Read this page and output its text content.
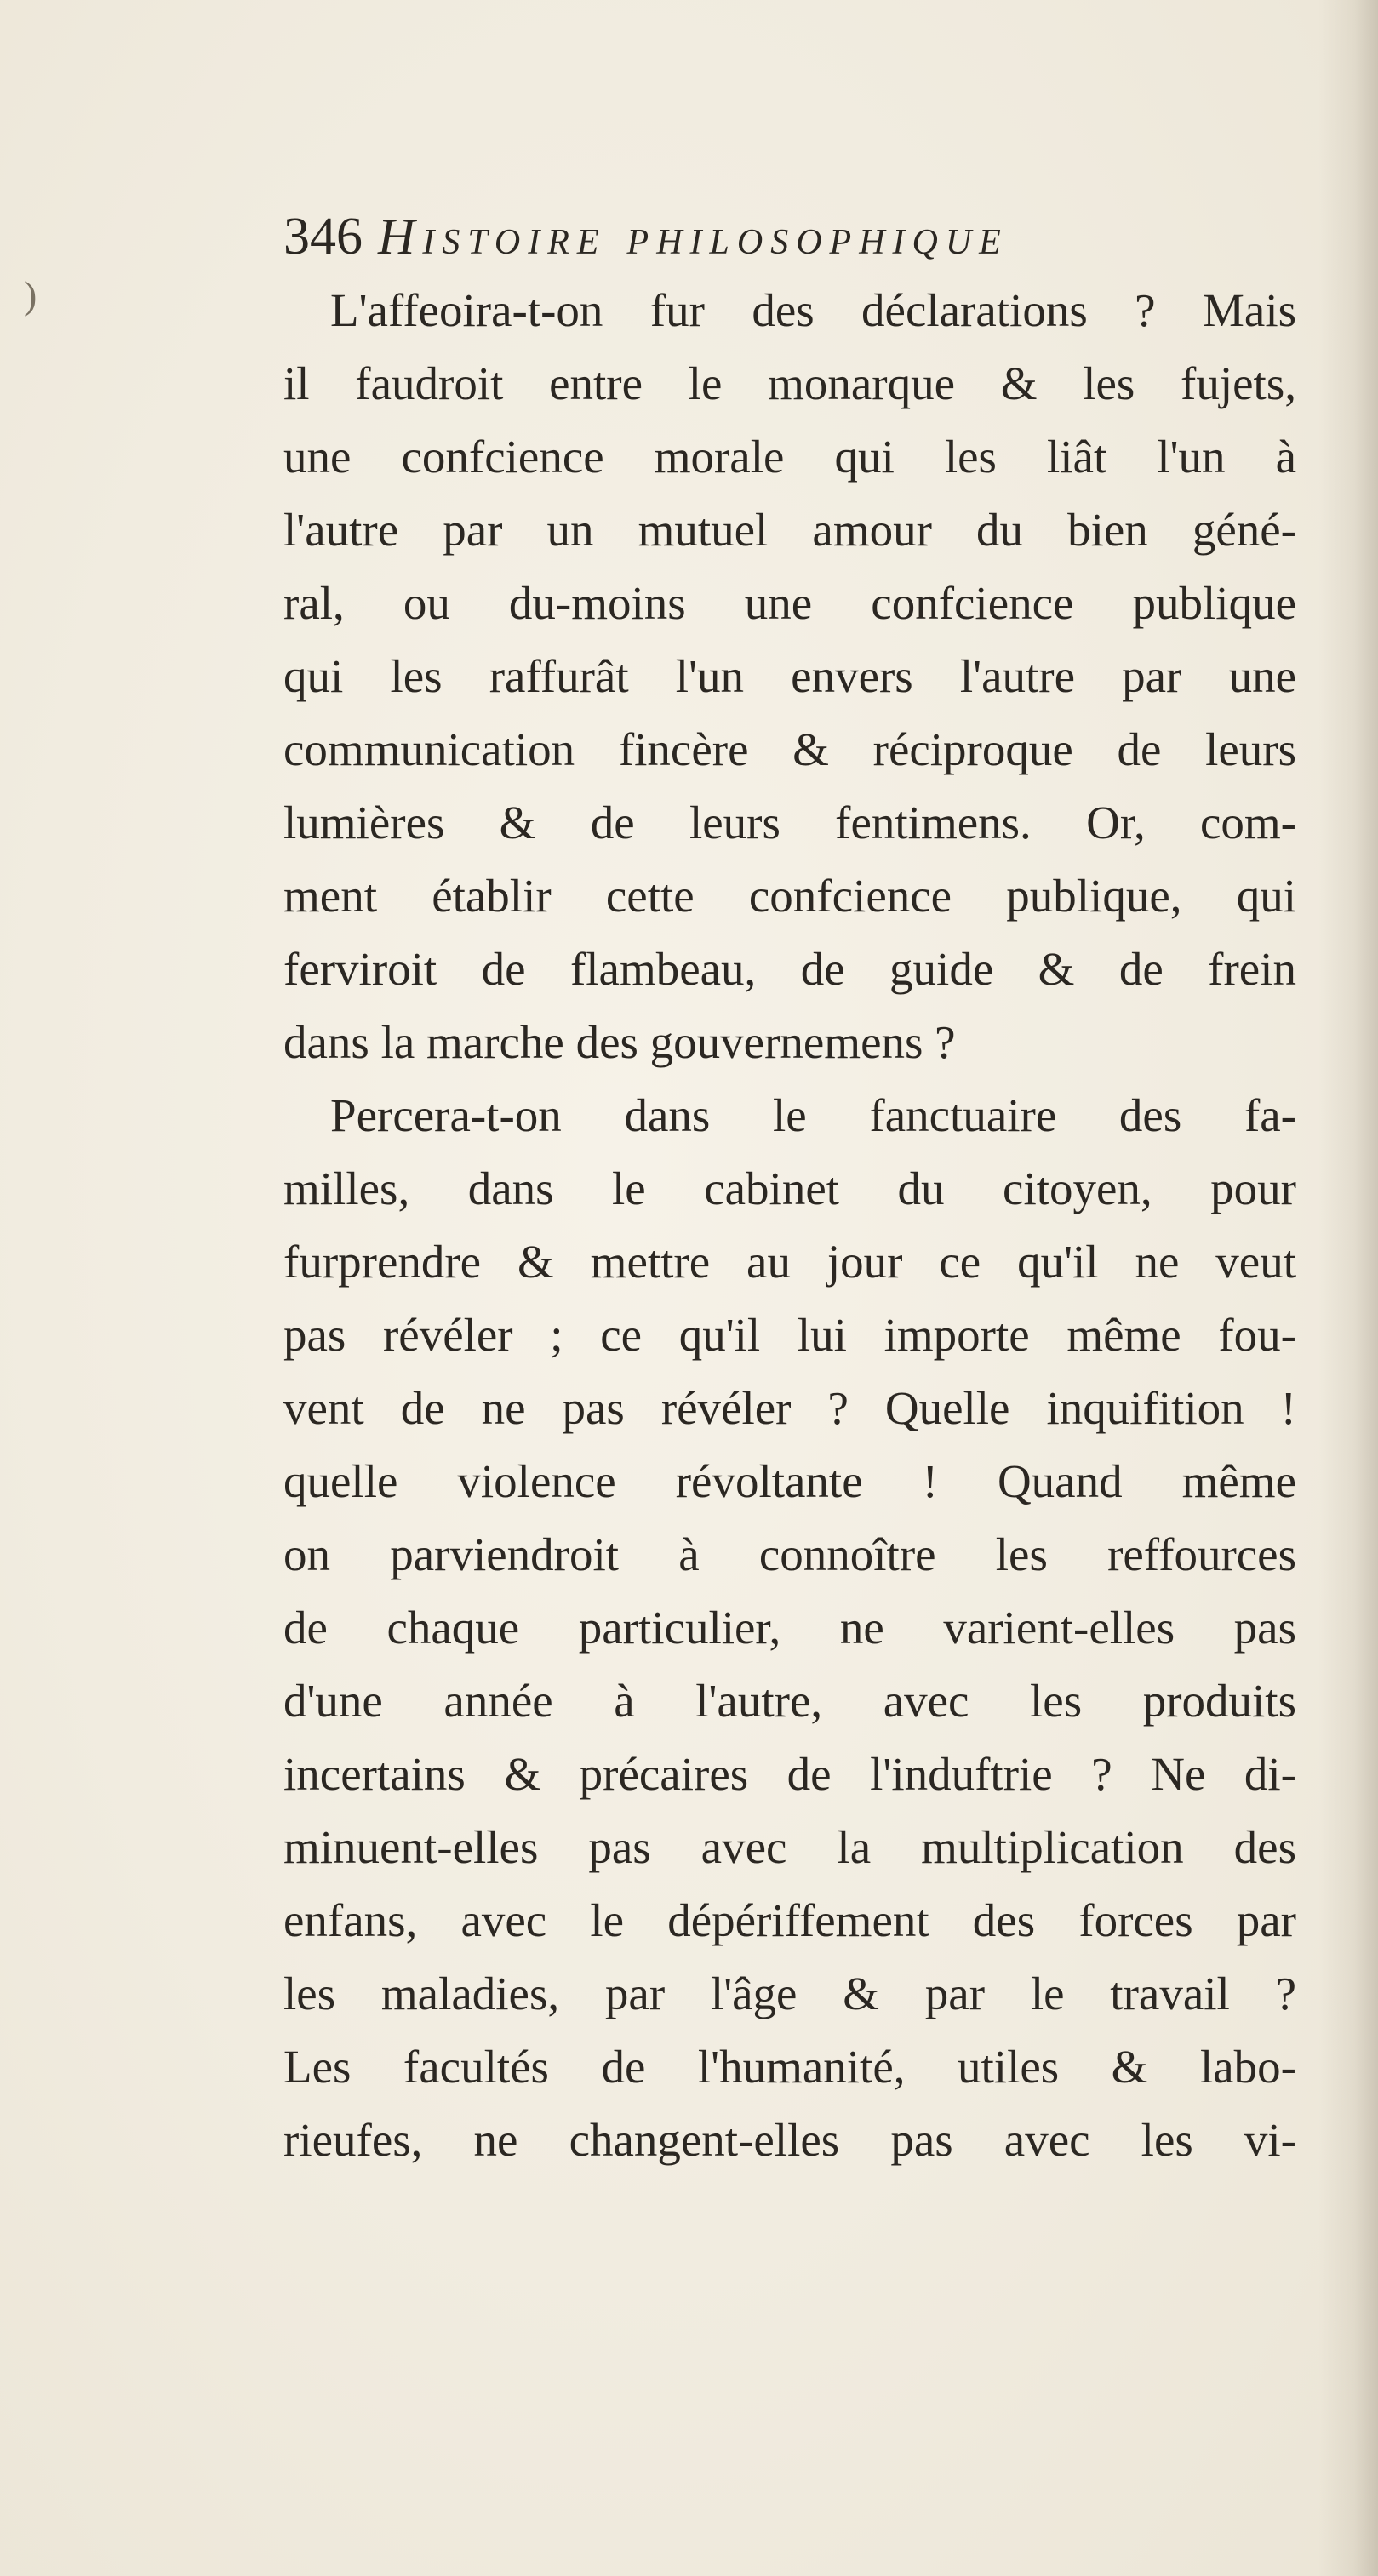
)
346 Histoire philosophique
L'affeoira-t-on fur des déclarations ? Mais
il faudroit entre le monarque & les fujets,
une confcience morale qui les liât l'un à
l'autre par un mutuel amour du bien géné-
ral, ou du-moins une confcience publique
qui les raffurât l'un envers l'autre par une
communication fincère & réciproque de leurs
lumières & de leurs fentimens. Or, com-
ment établir cette confcience publique, qui
ferviroit de flambeau, de guide & de frein
dans la marche des gouvernemens ?
Percera-t-on dans le fanctuaire des fa-
milles, dans le cabinet du citoyen, pour
furprendre & mettre au jour ce qu'il ne veut
pas révéler ; ce qu'il lui importe même fou-
vent de ne pas révéler ? Quelle inquifition !
quelle violence révoltante ! Quand même
on parviendroit à connoître les reffources
de chaque particulier, ne varient-elles pas
d'une année à l'autre, avec les produits
incertains & précaires de l'induftrie ? Ne di-
minuent-elles pas avec la multiplication des
enfans, avec le dépériffement des forces par
les maladies, par l'âge & par le travail ?
Les facultés de l'humanité, utiles & labo-
rieufes, ne changent-elles pas avec les vi-
